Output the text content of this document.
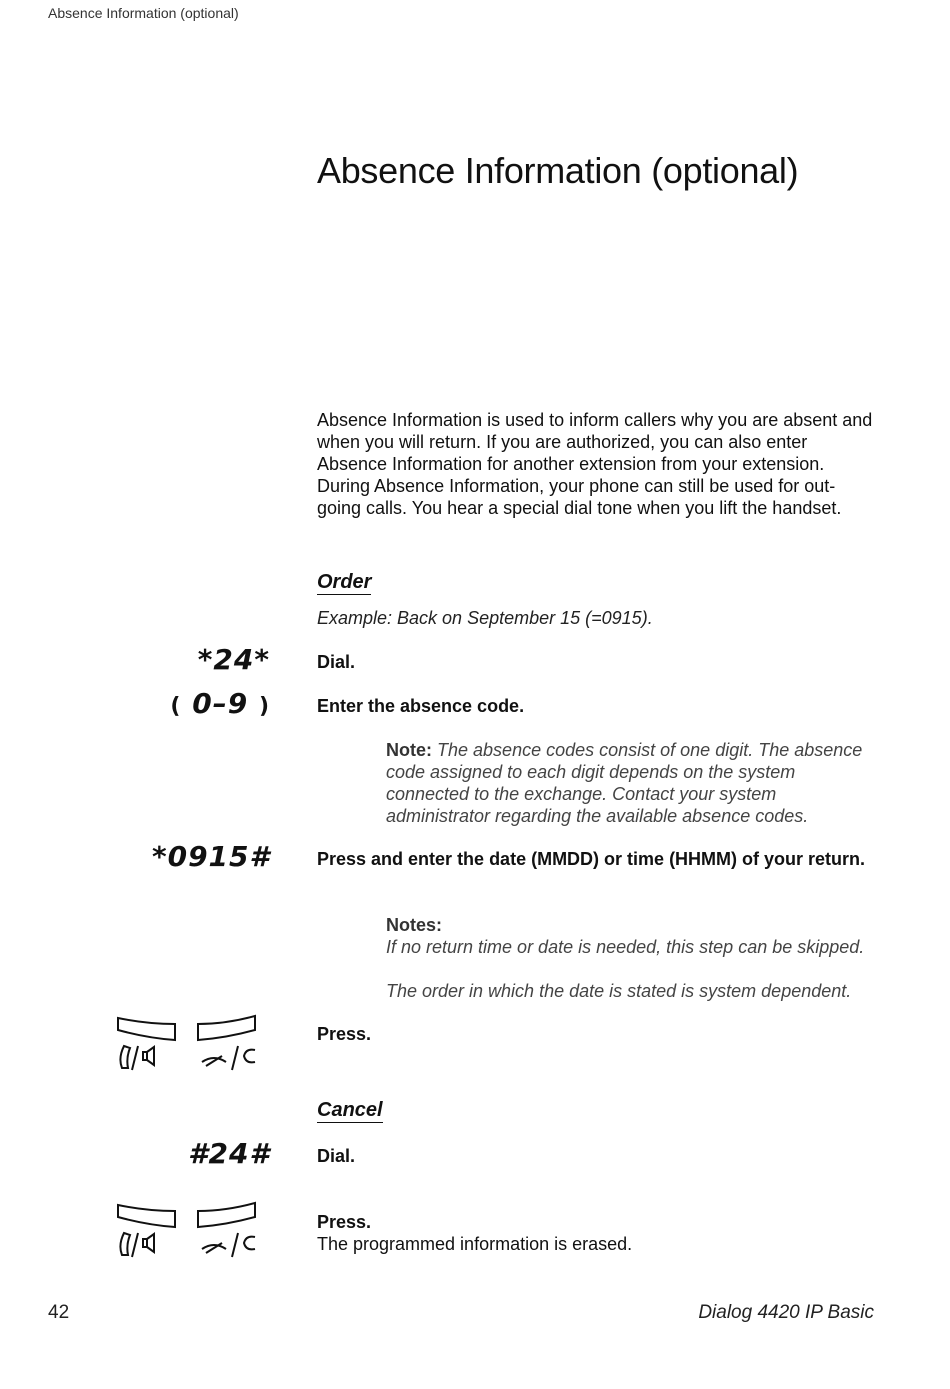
Absence Information (optional)
Absence Information (optional)
Absence Information is used to inform callers why you are absent and when you will return. If you are authorized, you can also enter Absence Information for another extension from your extension. During Absence Information, your phone can still be used for out-going calls. You hear a special dial tone when you lift the handset.
Order
Example: Back on September 15 (=0915).
*24*	Dial.
( 0–9 )	Enter the absence code.
Note: The absence codes consist of one digit. The absence code assigned to each digit depends on the system connected to the exchange. Contact your system administrator regarding the available absence codes.
*0915#	Press and enter the date (MMDD) or time (HHMM) of your return.
Notes:
If no return time or date is needed, this step can be skipped.
The order in which the date is stated is system dependent.
Press.
Cancel
#24#	Dial.
Press.
The programmed information is erased.
42	Dialog 4420 IP Basic
